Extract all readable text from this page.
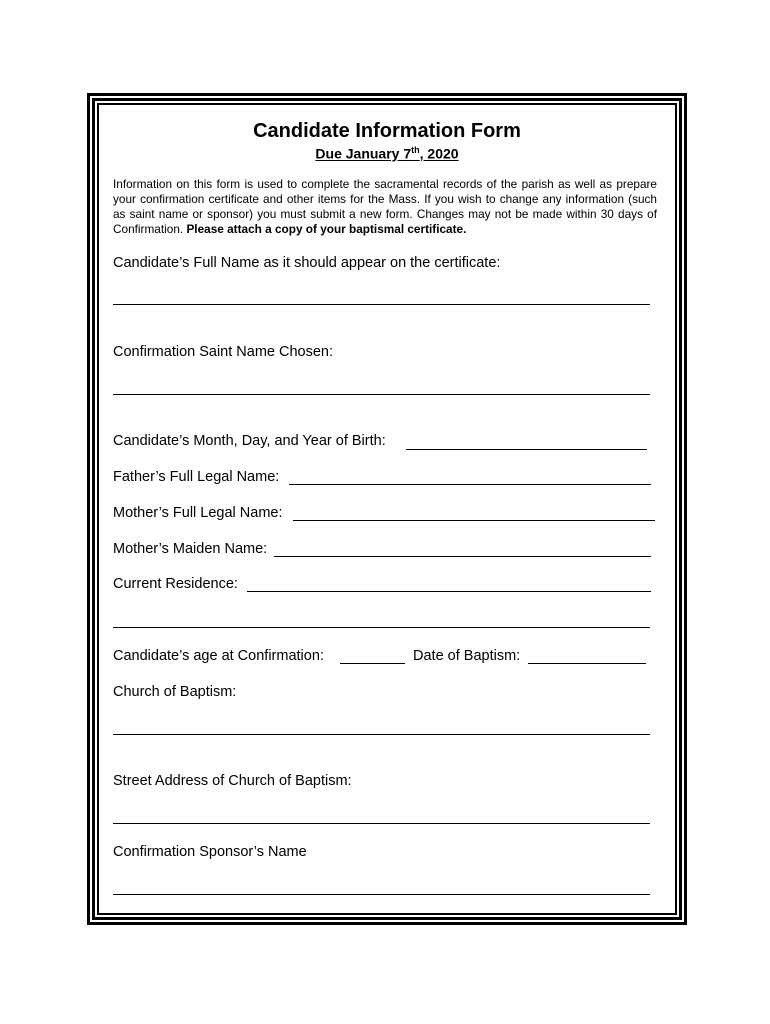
Candidate Information Form
Due January 7th, 2020

Information on this form is used to complete the sacramental records of the parish as well as prepare your confirmation certificate and other items for the Mass. If you wish to change any information (such as saint name or sponsor) you must submit a new form. Changes may not be made within 30 days of Confirmation. Please attach a copy of your baptismal certificate.

Candidate’s Full Name as it should appear on the certificate:
Confirmation Saint Name Chosen:
Candidate’s Month, Day, and Year of Birth:
Father’s Full Legal Name:
Mother’s Full Legal Name:
Mother’s Maiden Name:
Current Residence:
Candidate’s age at Confirmation:	Date of Baptism:
Church of Baptism:
Street Address of Church of Baptism:
Confirmation Sponsor’s Name
